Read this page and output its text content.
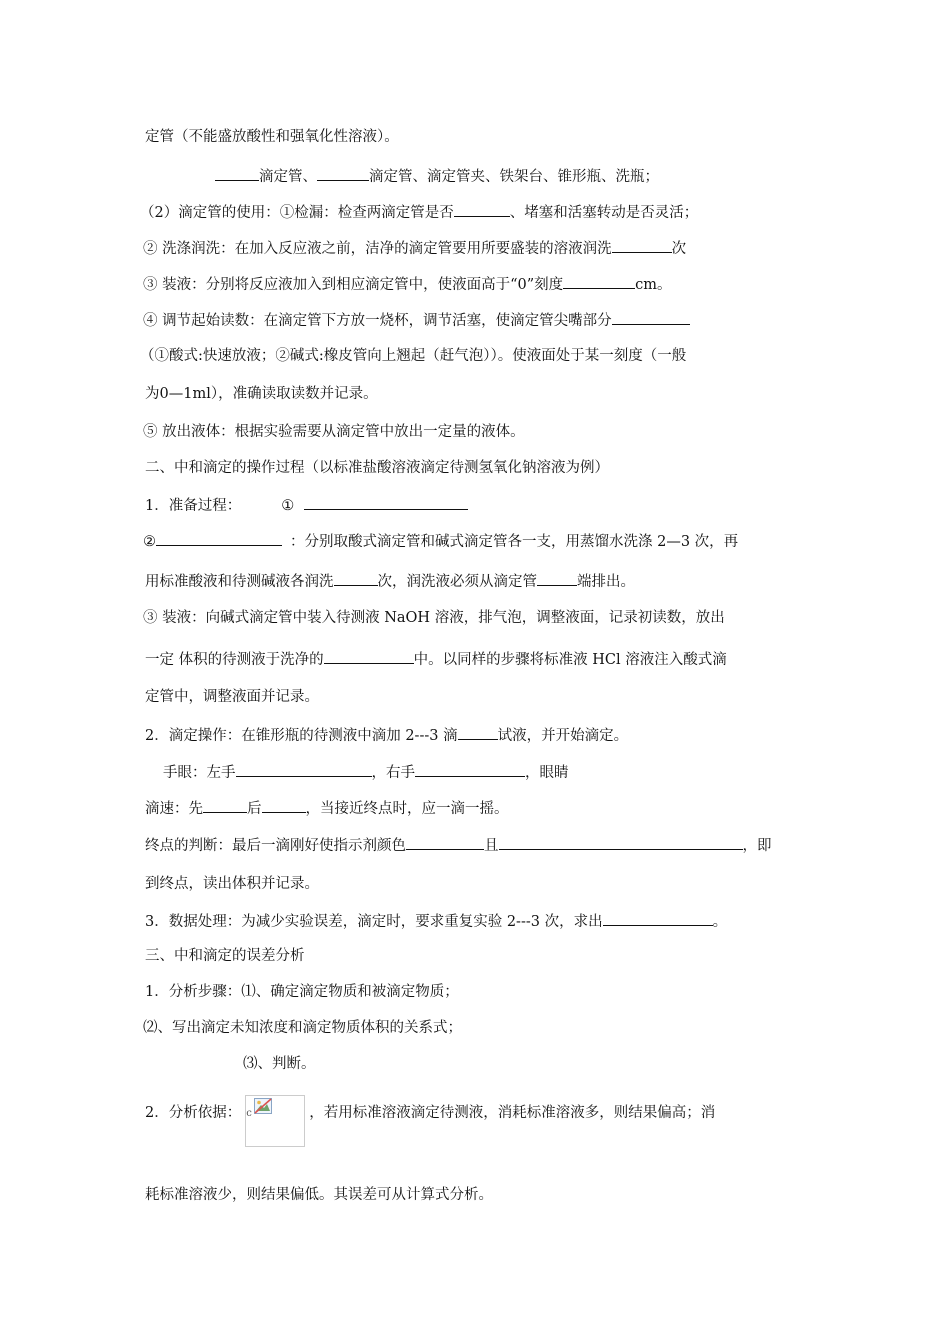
定管（不能盛放酸性和强氧化性溶液）。
滴定管、	滴定管、滴定管夹、铁架台、锥形瓶、洗瓶；
（2）滴定管的使用：①检漏：检查两滴定管是否	、堵塞和活塞转动是否灵活；
② 洗涤润洗：在加入反应液之前，洁净的滴定管要用所要盛装的溶液润洗	次
③ 装液：分别将反应液加入到相应滴定管中，使液面高于“0”刻度	cm。
④ 调节起始读数：在滴定管下方放一烧杯，调节活塞，使滴定管尖嘴部分
（①酸式:快速放液；②碱式:橡皮管向上翘起（赶气泡））。使液面处于某一刻度（一般
为0—1ml），准确读取读数并记录。
⑤ 放出液体：根据实验需要从滴定管中放出一定量的液体。
二、中和滴定的操作过程（以标准盐酸溶液滴定待测氢氧化钠溶液为例）
1．准备过程：	①
②	：分别取酸式滴定管和碱式滴定管各一支，用蒸馏水洗涤 2—3 次，再
用标准酸液和待测碱液各润洗	次，润洗液必须从滴定管	端排出。
③ 装液：向碱式滴定管中装入待测液 NaOH 溶液，排气泡，调整液面，记录初读数，放出
一定 体积的待测液于洗净的	中。以同样的步骤将标准液 HCl 溶液注入酸式滴
定管中，调整液面并记录。
2．滴定操作：在锥形瓶的待测液中滴加 2---3 滴	试液，并开始滴定。
手眼：左手	，右手	，眼睛
滴速：先	后	，当接近终点时，应一滴一摇。
终点的判断：最后一滴刚好使指示剂颜色	且	，即
到终点，读出体积并记录。
3．数据处理：为减少实验误差，滴定时，要求重复实验 2---3 次，求出	。
三、中和滴定的误差分析
1．分析步骤：⑴、确定滴定物质和被滴定物质；
⑵、写出滴定未知浓度和滴定物质体积的关系式；
⑶、判断。
2．分析依据： c	，若用标准溶液滴定待测液，消耗标准溶液多，则结果偏高；消
耗标准溶液少，则结果偏低。其误差可从计算式分析。
